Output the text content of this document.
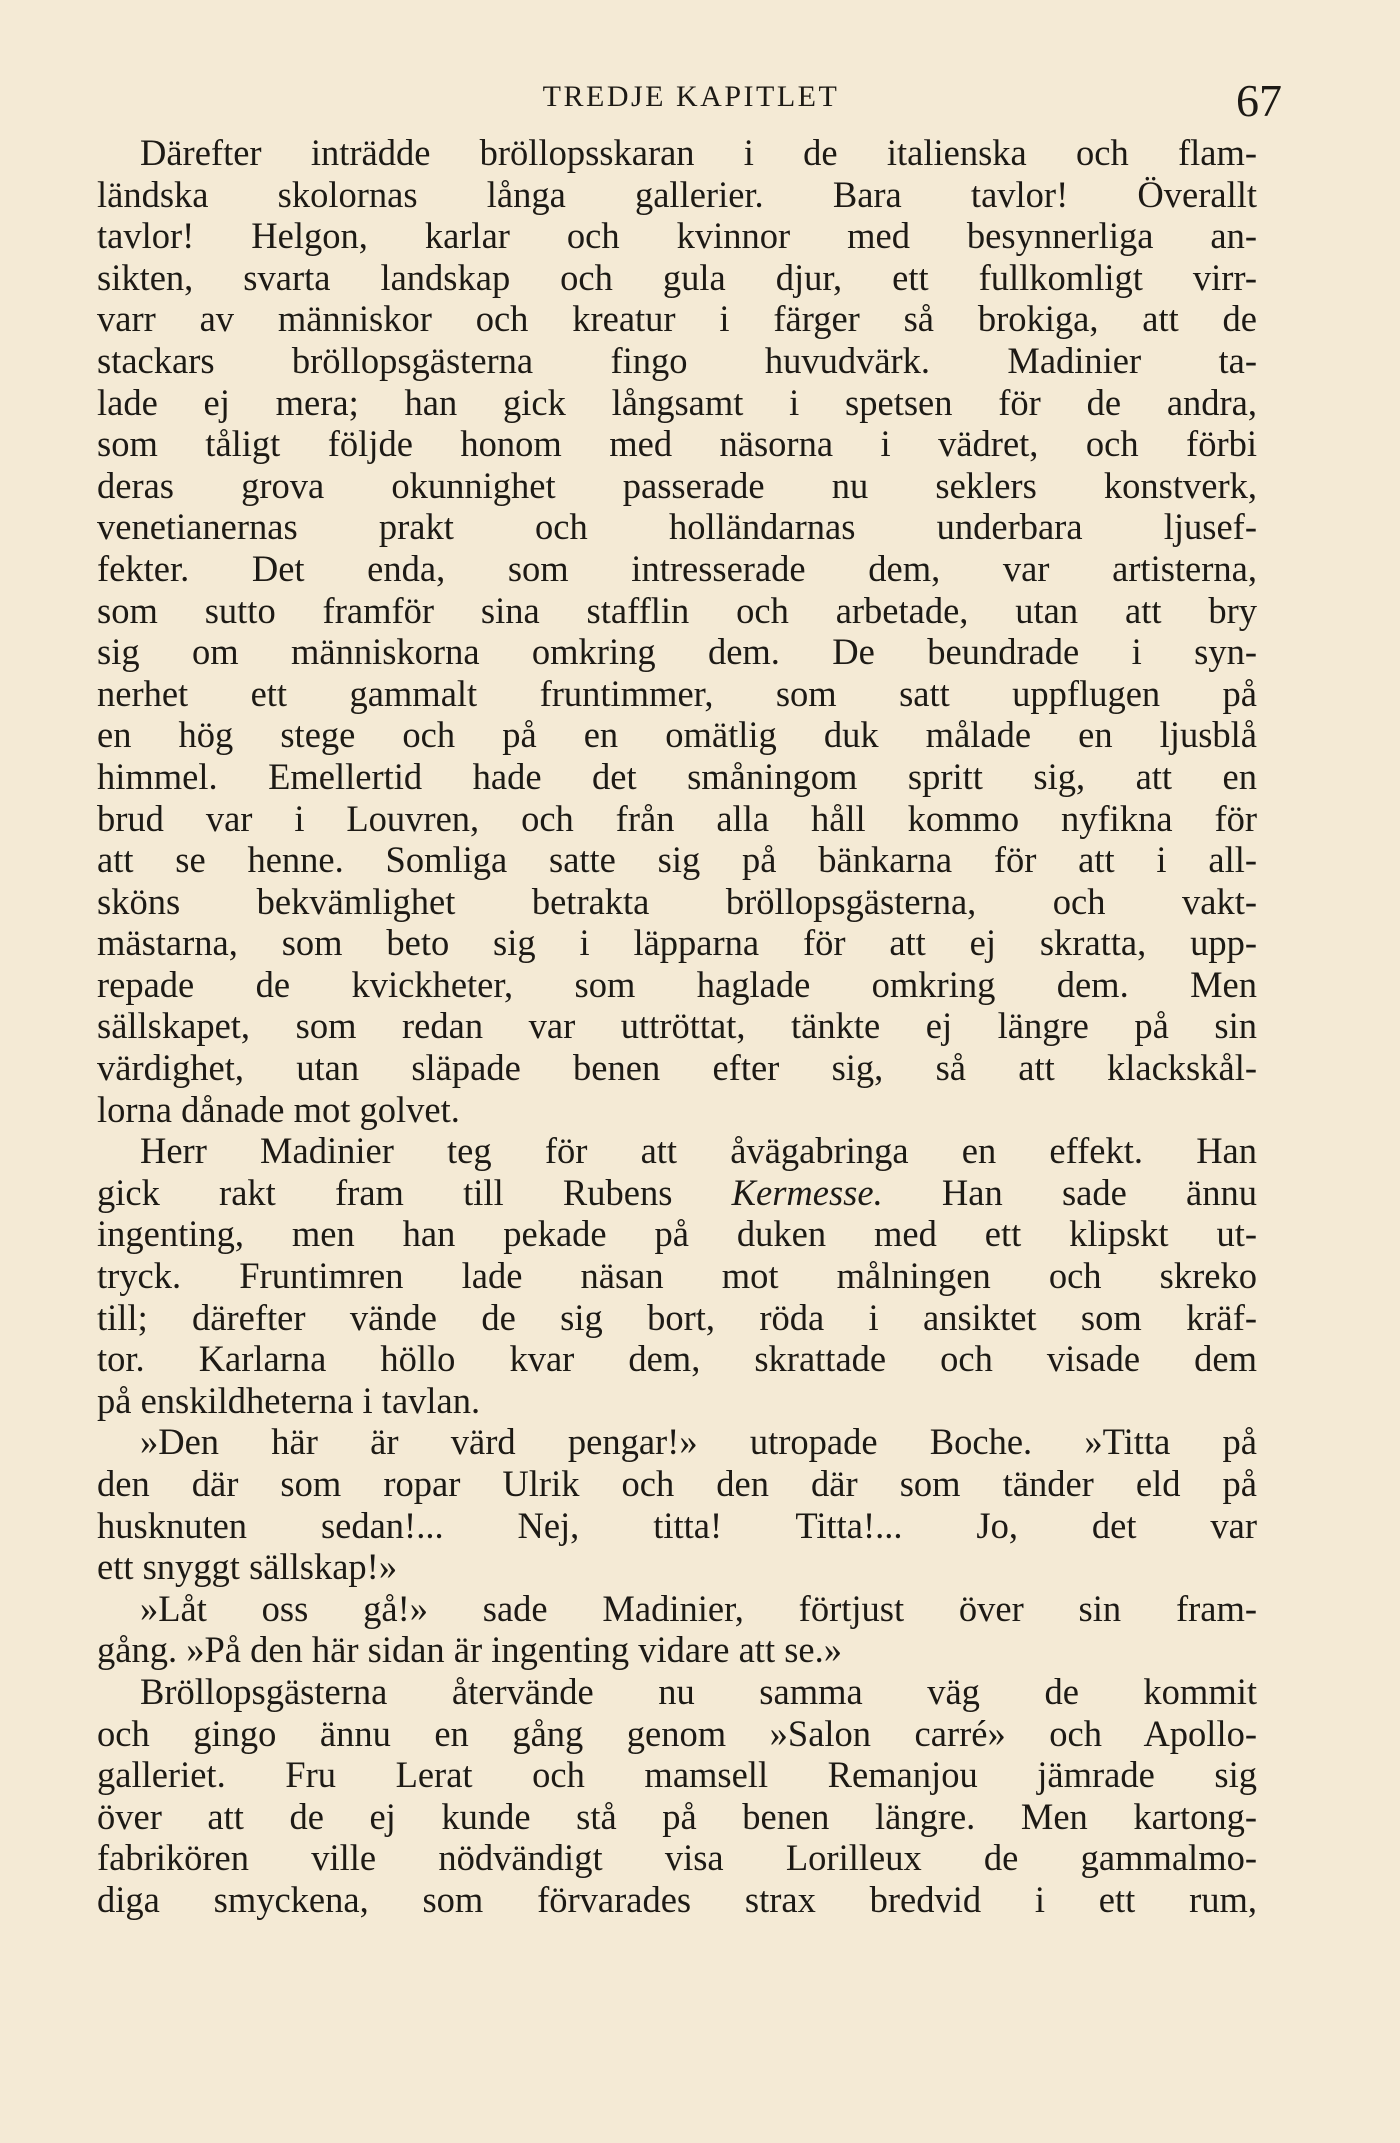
TREDJE KAPITLET	67
Därefter inträdde bröllopsskaran i de italienska och flam-
ländska skolornas långa gallerier. Bara tavlor! Överallt
tavlor! Helgon, karlar och kvinnor med besynnerliga an-
sikten, svarta landskap och gula djur, ett fullkomligt virr-
varr av människor och kreatur i färger så brokiga, att de
stackars bröllopsgästerna fingo huvudvärk. Madinier ta-
lade ej mera; han gick långsamt i spetsen för de andra,
som tåligt följde honom med näsorna i vädret, och förbi
deras grova okunnighet passerade nu seklers konstverk,
venetianernas prakt och holländarnas underbara ljusef-
fekter. Det enda, som intresserade dem, var artisterna,
som sutto framför sina stafflin och arbetade, utan att bry
sig om människorna omkring dem. De beundrade i syn-
nerhet ett gammalt fruntimmer, som satt uppflugen på
en hög stege och på en omätlig duk målade en ljusblå
himmel. Emellertid hade det småningom spritt sig, att en
brud var i Louvren, och från alla håll kommo nyfikna för
att se henne. Somliga satte sig på bänkarna för att i all-
sköns bekvämlighet betrakta bröllopsgästerna, och vakt-
mästarna, som beto sig i läpparna för att ej skratta, upp-
repade de kvickheter, som haglade omkring dem. Men
sällskapet, som redan var uttröttat, tänkte ej längre på sin
värdighet, utan släpade benen efter sig, så att klackskål-
lorna dånade mot golvet.
Herr Madinier teg för att åvägabringa en effekt. Han
gick rakt fram till Rubens Kermesse. Han sade ännu
ingenting, men han pekade på duken med ett klipskt ut-
tryck. Fruntimren lade näsan mot målningen och skreko
till; därefter vände de sig bort, röda i ansiktet som kräf-
tor. Karlarna höllo kvar dem, skrattade och visade dem
på enskildheterna i tavlan.
»Den här är värd pengar!» utropade Boche. »Titta på
den där som ropar Ulrik och den där som tänder eld på
husknuten sedan!... Nej, titta! Titta!... Jo, det var
ett snyggt sällskap!»
»Låt oss gå!» sade Madinier, förtjust över sin fram-
gång. »På den här sidan är ingenting vidare att se.»
Bröllopsgästerna återvände nu samma väg de kommit
och gingo ännu en gång genom »Salon carré» och Apollo-
galleriet. Fru Lerat och mamsell Remanjou jämrade sig
över att de ej kunde stå på benen längre. Men kartong-
fabrikören ville nödvändigt visa Lorilleux de gammalmo-
diga smyckena, som förvarades strax bredvid i ett rum,
